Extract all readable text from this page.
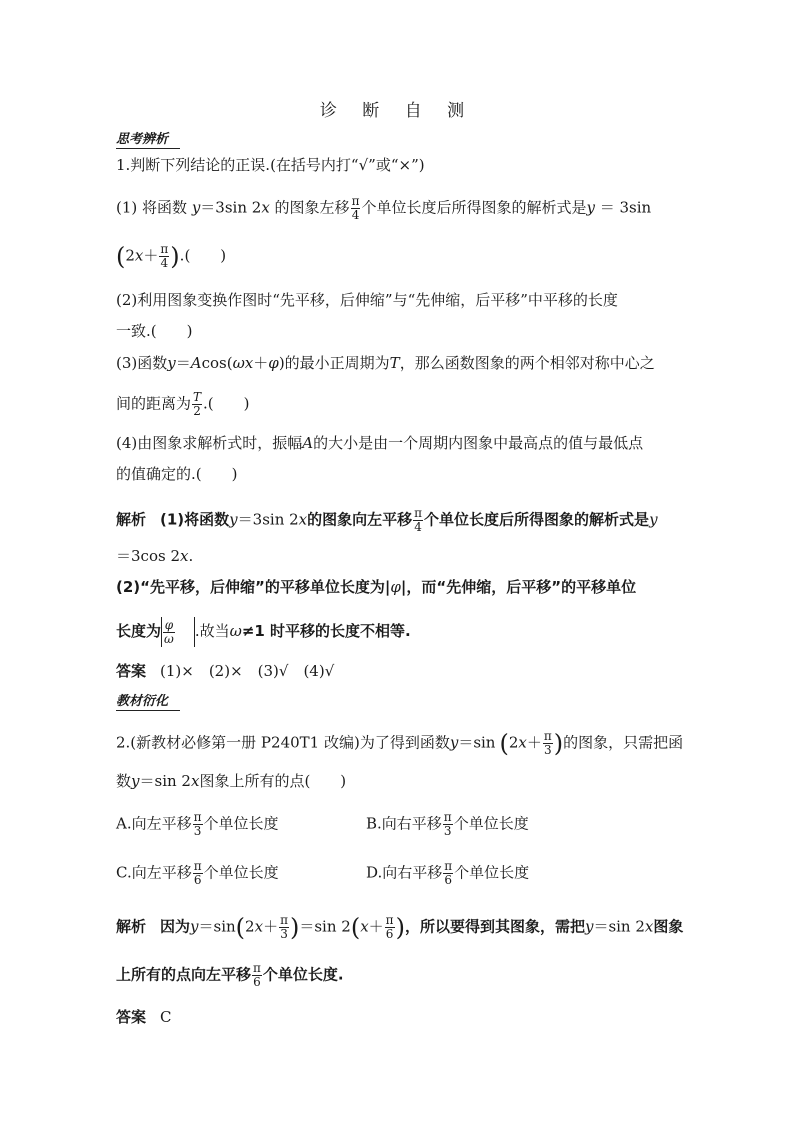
诊 断 自 测
思考辨析
1.判断下列结论的正误.(在括号内打“√”或“×”)
(1) 将函数 y＝3sin 2x 的图象左移 $\frac{\pi}{4}$ 个单位长度后所得图象的解析式是y ＝ 3sin
($2x+ \frac{\pi}{4}$ ).(　　)
(2)利用图象变换作图时“先平移，后伸缩”与“先伸缩，后平移”中平移的长度
一致.(　　)
(3)函数y＝Acos(ωx＋φ)的最小正周期为T，那么函数图象的两个相邻对称中心之
间的距离为 $\frac{T}{2}$ .(　　)
(4)由图象求解析式时，振幅A的大小是由一个周期内图象中最高点的值与最低点
的值确定的.(　　)
解析 (1)将函数y＝3sin 2x的图象向左平移 $\frac{\pi}{4}$ 个单位长度后所得图象的解析式是y
＝3cos 2x.
(2)“先平移，后伸缩”的平移单位长度为|φ|，而“先伸缩，后平移”的平移单位
长度为 $\frac{\varphi}{\omega}$ .故当ω≠1 时平移的长度不相等.
答案 (1)×　(2)×　(3)√　(4)√
教材衍化
2.(新教材必修第一册 P240T1 改编)为了得到函数y＝sin ($2x+ \frac{\pi}{3}$ )的图象，只需把函
数y＝sin 2x图象上所有的点(　　)
A.向左平移 $\frac{\pi}{3}$ 个单位长度	B.向右平移 $\frac{\pi}{3}$ 个单位长度
C.向左平移 $\frac{\pi}{6}$ 个单位长度	D.向右平移 $\frac{\pi}{6}$ 个单位长度
解析 因为$y=\sin(2x+ \frac{\pi}{3} )=\sin$ $2(x+ \frac{\pi}{6}$ )，所以要得到其图象，需把y＝sin 2x图象
上所有的点向左平移 $\frac{\pi}{6}$ 个单位长度.
答案 C
